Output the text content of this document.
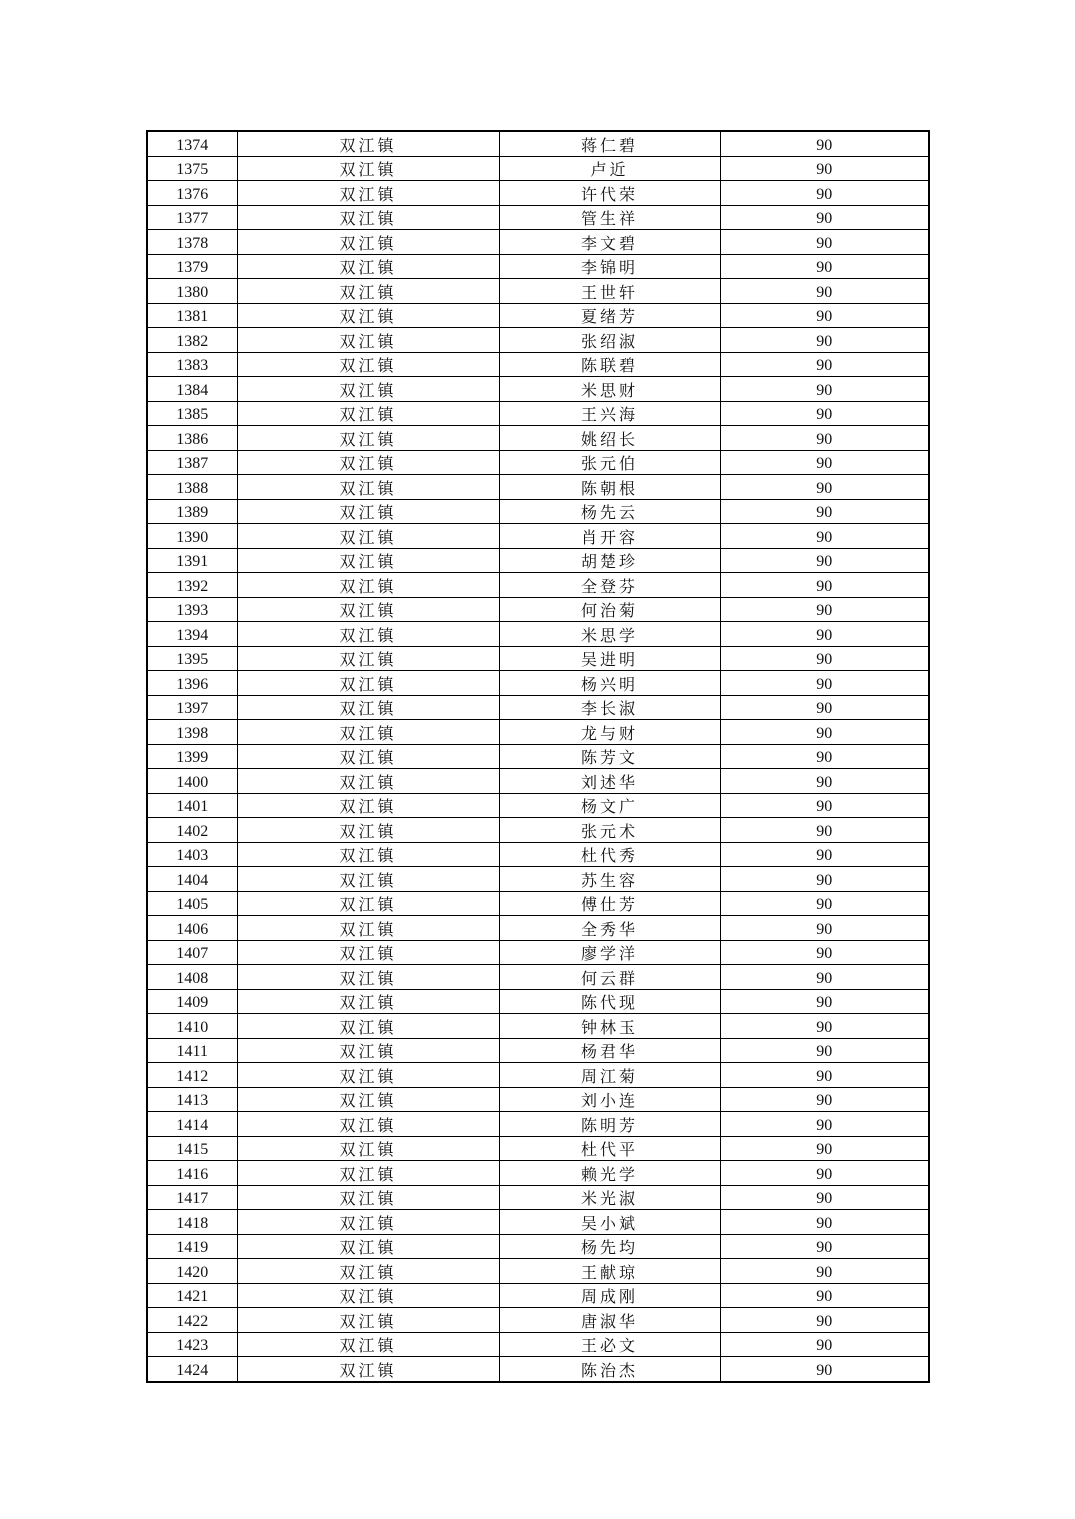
1374	双江镇	蒋仁碧	90
1375	双江镇	卢近	90
1376	双江镇	许代荣	90
1377	双江镇	管生祥	90
1378	双江镇	李文碧	90
1379	双江镇	李锦明	90
1380	双江镇	王世轩	90
1381	双江镇	夏绪芳	90
1382	双江镇	张绍淑	90
1383	双江镇	陈联碧	90
1384	双江镇	米思财	90
1385	双江镇	王兴海	90
1386	双江镇	姚绍长	90
1387	双江镇	张元伯	90
1388	双江镇	陈朝根	90
1389	双江镇	杨先云	90
1390	双江镇	肖开容	90
1391	双江镇	胡楚珍	90
1392	双江镇	全登芬	90
1393	双江镇	何治菊	90
1394	双江镇	米思学	90
1395	双江镇	吴进明	90
1396	双江镇	杨兴明	90
1397	双江镇	李长淑	90
1398	双江镇	龙与财	90
1399	双江镇	陈芳文	90
1400	双江镇	刘述华	90
1401	双江镇	杨文广	90
1402	双江镇	张元术	90
1403	双江镇	杜代秀	90
1404	双江镇	苏生容	90
1405	双江镇	傅仕芳	90
1406	双江镇	全秀华	90
1407	双江镇	廖学洋	90
1408	双江镇	何云群	90
1409	双江镇	陈代现	90
1410	双江镇	钟林玉	90
1411	双江镇	杨君华	90
1412	双江镇	周江菊	90
1413	双江镇	刘小连	90
1414	双江镇	陈明芳	90
1415	双江镇	杜代平	90
1416	双江镇	赖光学	90
1417	双江镇	米光淑	90
1418	双江镇	吴小斌	90
1419	双江镇	杨先均	90
1420	双江镇	王献琼	90
1421	双江镇	周成刚	90
1422	双江镇	唐淑华	90
1423	双江镇	王必文	90
1424	双江镇	陈治杰	90
